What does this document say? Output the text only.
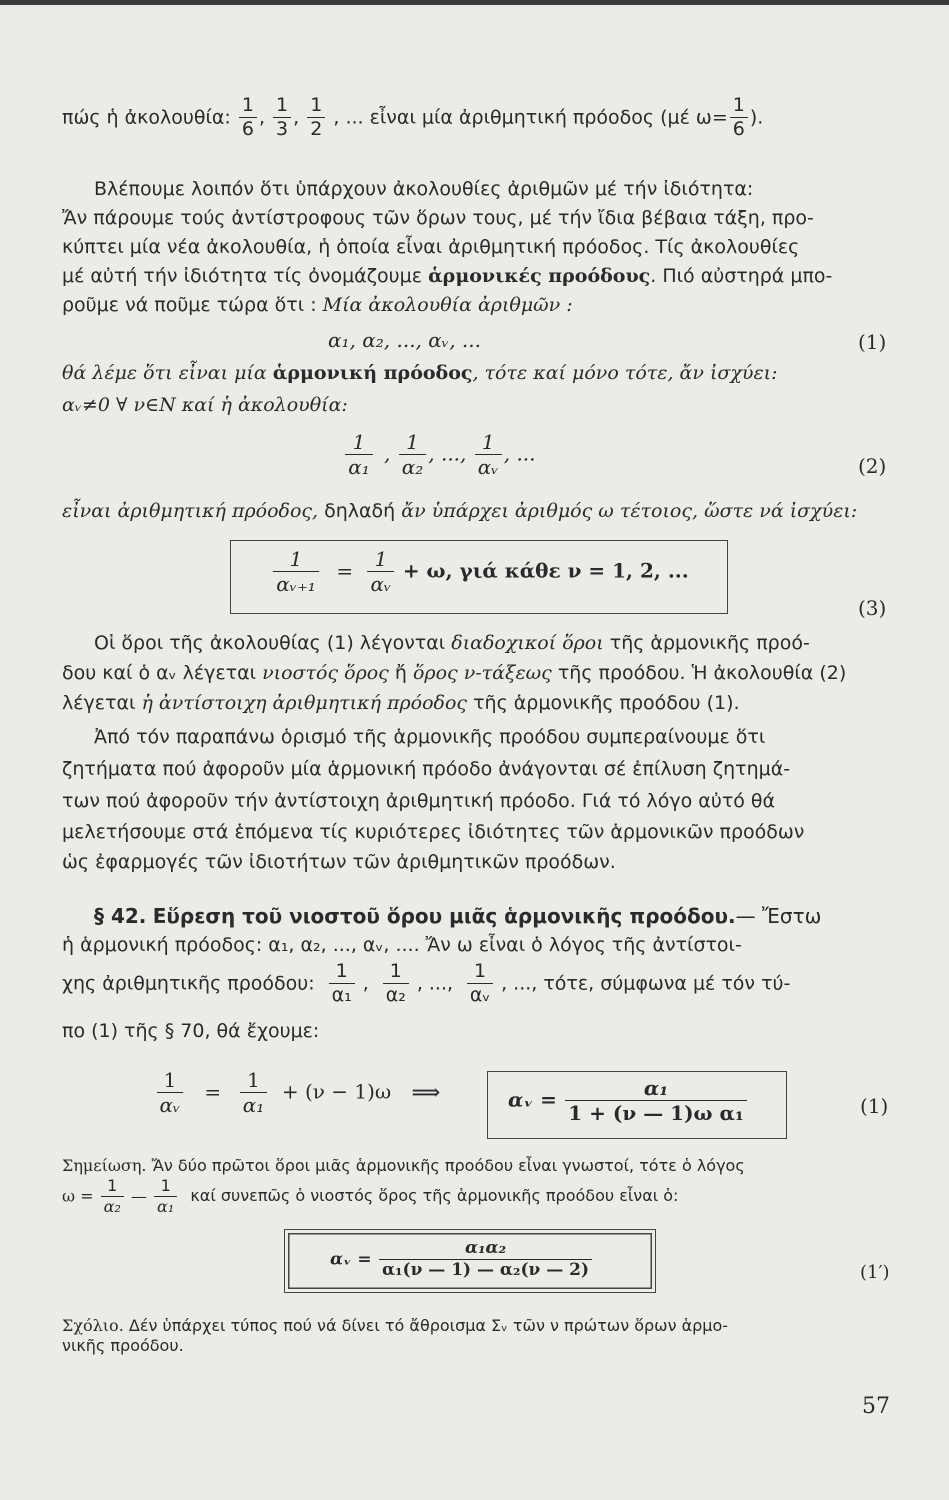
πώς ἡ ἀκολουθία: $\frac{1}{6}$ , $\frac{1}{3}$ , $\frac{1}{2}$ , ... εἶναι μία ἀριθμητική πρόοδος (μέ $\omega= \frac{1}{6}$ ).
Βλέπουμε λοιπόν ὅτι ὑπάρχουν ἀκολουθίες ἀριθμῶν μέ τήν ἰδιότητα:
Ἄν πάρουμε τούς ἀντίστροφους τῶν ὅρων τους, μέ τήν ἴδια βέβαια τάξη, προ-
κύπτει μία νέα ἀκολουθία, ἡ ὁποία εἶναι ἀριθμητική πρόοδος. Τίς ἀκολουθίες
μέ αὐτή τήν ἰδιότητα τίς ὀνομάζουμε ἁρμονικές προόδους. Πιό αὐστηρά μπο-
ροῦμε νά ποῦμε τώρα ὅτι : Μία ἀκολουθία ἀριθμῶν :
α₁, α₂, ..., αᵥ, ...	(1)
θά λέμε ὅτι εἶναι μία ἁρμονική πρόοδος, τότε καί μόνο τότε, ἄν ἰσχύει:
αᵥ≠0 ∀ ν∈N καί ἡ ἀκολουθία:
$\frac{1}{\text{α₁}}$ , $\frac{1}{\text{α₂}}$ , ..., $\frac{1}{\text{αᵥ}}$ , ...
(2)
εἶναι ἀριθμητική πρόοδος, δηλαδή ἄν ὑπάρχει ἀριθμός ω τέτοιος, ὥστε νά ἰσχύει:
$\frac{1}{\text{αᵥ₊₁}} = \frac{1}{\text{αᵥ}} + \omega$, γιά κάθε ν = 1, 2, ...
(3)
Οἱ ὅροι τῆς ἀκολουθίας (1) λέγονται διαδοχικοί ὅροι τῆς ἁρμονικῆς προό-
δου καί ὁ αᵥ λέγεται νιοστός ὅρος ἤ ὅρος ν-τάξεως τῆς προόδου. Ἡ ἀκολουθία (2)
λέγεται ἡ ἀντίστοιχη ἀριθμητική πρόοδος τῆς ἁρμονικῆς προόδου (1).
Ἀπό τόν παραπάνω ὁρισμό τῆς ἁρμονικῆς προόδου συμπεραίνουμε ὅτι
ζητήματα πού ἀφοροῦν μία ἁρμονική πρόοδο ἀνάγονται σέ ἐπίλυση ζητημά-
των πού ἀφοροῦν τήν ἀντίστοιχη ἀριθμητική πρόοδο. Γιά τό λόγο αὐτό θά
μελετήσουμε στά ἑπόμενα τίς κυριότερες ἰδιότητες τῶν ἁρμονικῶν προόδων
ὡς ἐφαρμογές τῶν ἰδιοτήτων τῶν ἀριθμητικῶν προόδων.
§ 42. Εὕρεση τοῦ νιοστοῦ ὅρου μιᾶς ἁρμονικῆς προόδου.— Ἔστω
ἡ ἁρμονική πρόοδος: α₁, α₂, ..., αᵥ, .... Ἄν ω εἶναι ὁ λόγος τῆς ἀντίστοι-
χης ἀριθμητικῆς προόδου: $\frac{1}{\text{α₁}}$ , $\frac{1}{\text{α₂}}$ , ..., $\frac{1}{\text{αᵥ}}$ , ..., τότε, σύμφωνα μέ τόν τύ-
πο (1) τῆς § 70, θά ἔχουμε:
$\frac{1}{\text{αᵥ}} = \frac{1}{\text{α₁}} + (\nu - 1)\omega$ ⟹	αᵥ = $\frac{\text{α₁}}{\text{1 + (ν — 1)ω α₁}}$	(1)
Σημείωση. Ἄν δύο πρῶτοι ὅροι μιᾶς ἁρμονικῆς προόδου εἶναι γνωστοί, τότε ὁ λόγος
$\omega = \frac{1}{\text{α₂}}$ — $\frac{1}{\text{α₁}}$ καί συνεπῶς ὁ νιοστός ὅρος τῆς ἁρμονικῆς προόδου εἶναι ὁ:
αᵥ = $\frac{\text{α₁α₂}}{\text{α₁(ν — 1) — α₂(ν — 2)}}$	(1′)
Σχόλιο. Δέν ὑπάρχει τύπος πού νά δίνει τό ἄθροισμα Σᵥ τῶν ν πρώτων ὅρων ἁρμο-
νικῆς προόδου.
57
